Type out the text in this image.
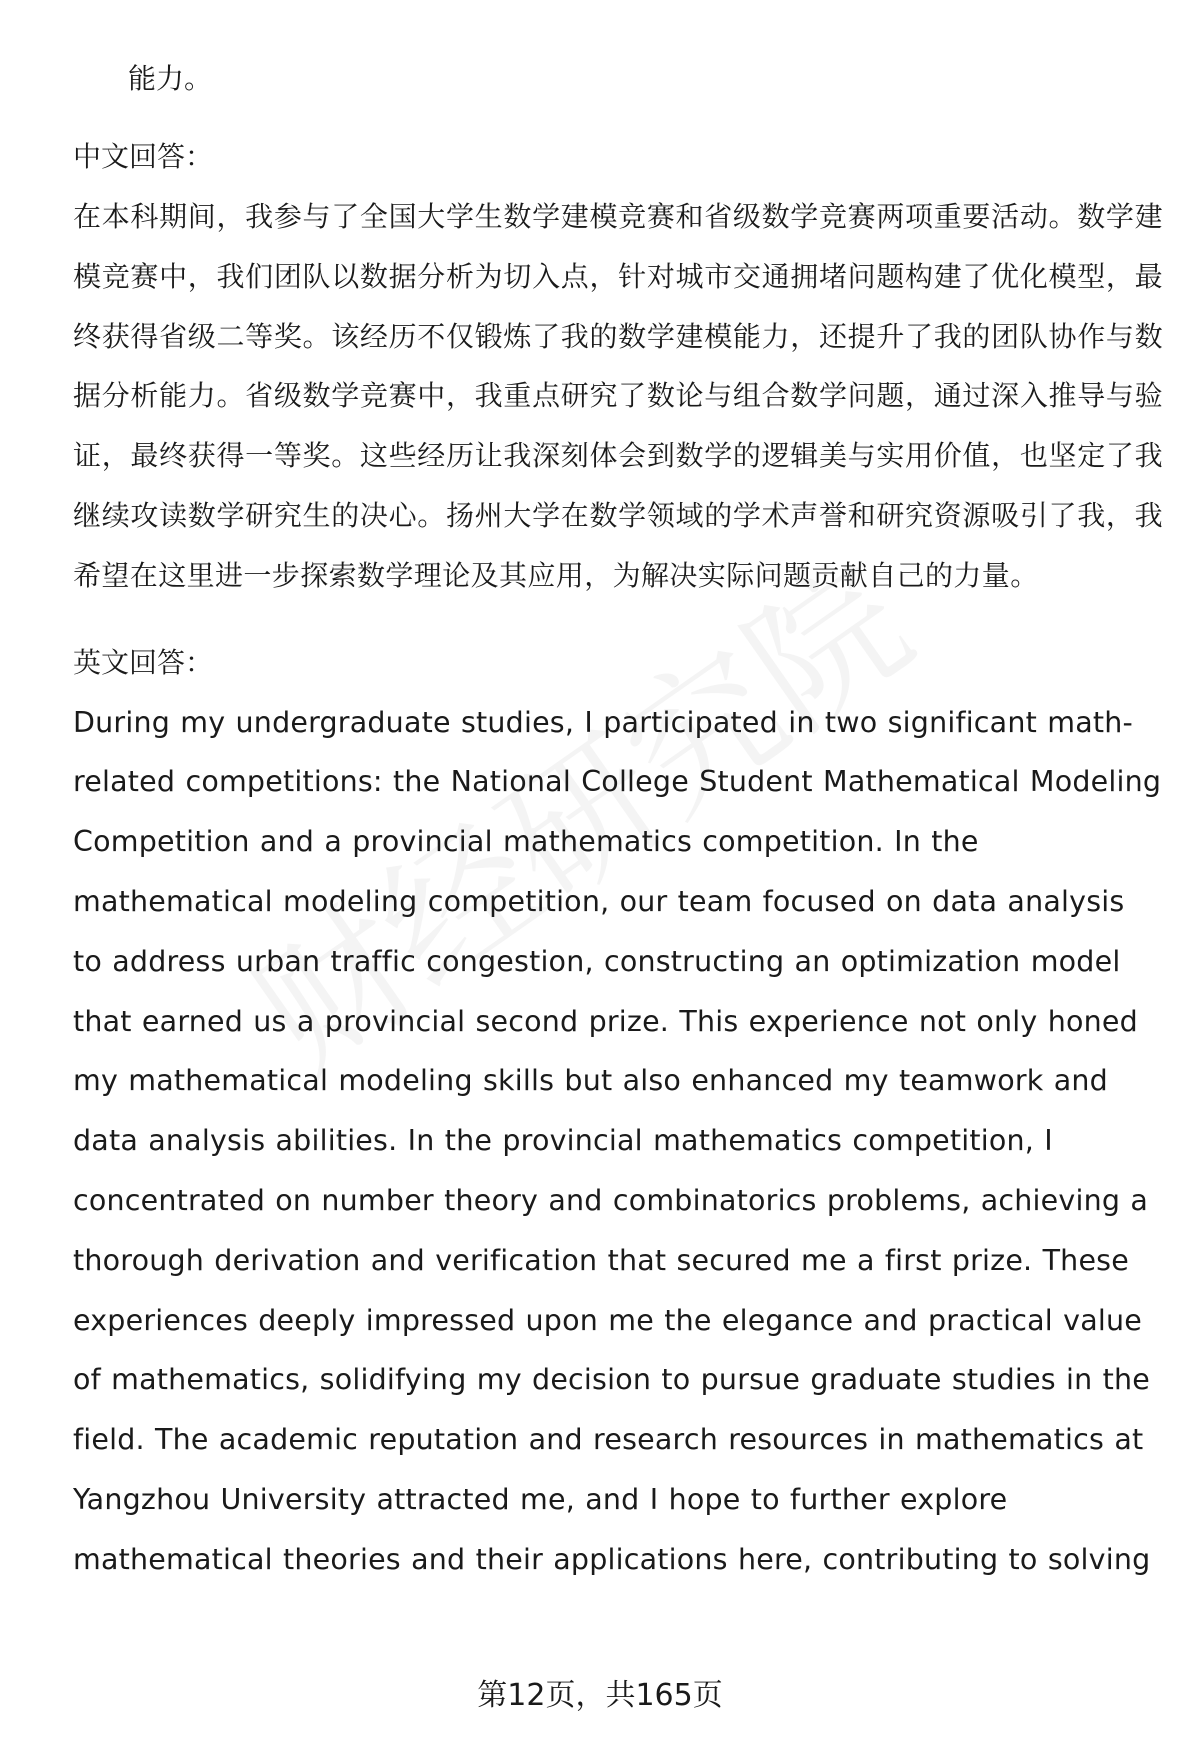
能力。
中文回答：
在本科期间，我参与了全国大学生数学建模竞赛和省级数学竞赛两项重要活动。数学建模竞赛中，我们团队以数据分析为切入点，针对城市交通拥堵问题构建了优化模型，最终获得省级二等奖。该经历不仅锻炼了我的数学建模能力，还提升了我的团队协作与数据分析能力。省级数学竞赛中，我重点研究了数论与组合数学问题，通过深入推导与验证，最终获得一等奖。这些经历让我深刻体会到数学的逻辑美与实用价值，也坚定了我继续攻读数学研究生的决心。扬州大学在数学领域的学术声誉和研究资源吸引了我，我希望在这里进一步探索数学理论及其应用，为解决实际问题贡献自己的力量。
英文回答：
During my undergraduate studies, I participated in two significant math-related competitions: the National College Student Mathematical Modeling Competition and a provincial mathematics competition. In the mathematical modeling competition, our team focused on data analysis to address urban traffic congestion, constructing an optimization model that earned us a provincial second prize. This experience not only honed my mathematical modeling skills but also enhanced my teamwork and data analysis abilities. In the provincial mathematics competition, I concentrated on number theory and combinatorics problems, achieving a thorough derivation and verification that secured me a first prize. These experiences deeply impressed upon me the elegance and practical value of mathematics, solidifying my decision to pursue graduate studies in the field. The academic reputation and research resources in mathematics at Yangzhou University attracted me, and I hope to further explore mathematical theories and their applications here, contributing to solving
第12页，共165页
